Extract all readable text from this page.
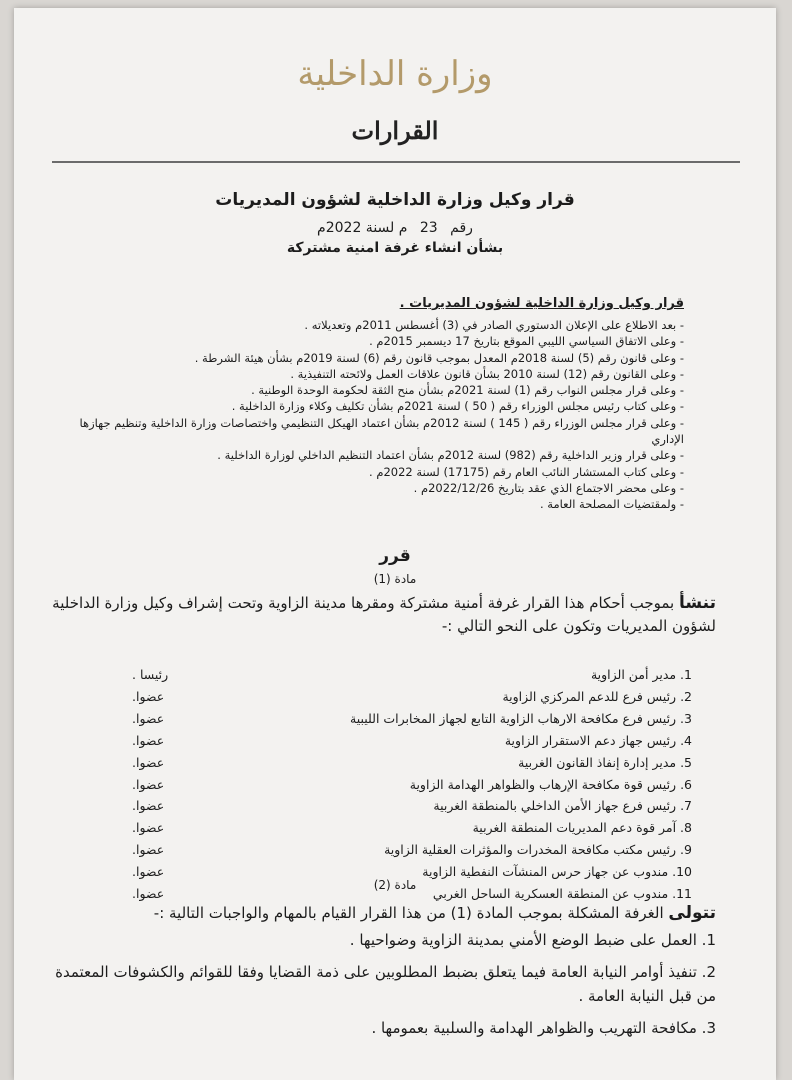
وزارة الداخلية
القرارات
قرار وكيل وزارة الداخلية لشؤون المديريات
رقم 23 م لسنة 2022م
بشأن انشاء غرفة امنية مشتركة
قرار وكيل وزارة الداخلية لشؤون المديريات .
- بعد الاطلاع على الإعلان الدستوري الصادر في (3) أغسطس 2011م وتعديلاته .
- وعلى الاتفاق السياسي الليبي الموقع بتاريخ 17 ديسمبر 2015م .
- وعلى قانون رقم (5) لسنة 2018م المعدل بموجب قانون رقم (6) لسنة 2019م بشأن هيئة الشرطة .
- وعلى القانون رقم (12) لسنة 2010 بشأن قانون علاقات العمل ولائحته التنفيذية .
- وعلى قرار مجلس النواب رقم (1) لسنة 2021م بشأن منح الثقة لحكومة الوحدة الوطنية .
- وعلى كتاب رئيس مجلس الوزراء رقم ( 50 ) لسنة 2021م بشأن تكليف وكلاء وزارة الداخلية .
- وعلى قرار مجلس الوزراء رقم ( 145 ) لسنة 2012م بشأن اعتماد الهيكل التنظيمي واختصاصات وزارة الداخلية وتنظيم جهازها الإداري
- وعلى قرار وزير الداخلية رقم (982) لسنة 2012م بشأن اعتماد التنظيم الداخلي لوزارة الداخلية .
- وعلى كتاب المستشار النائب العام رقم (17175) لسنة 2022م .
- وعلى محضر الاجتماع الذي عقد بتاريخ 2022/12/26م .
- ولمقتضيات المصلحة العامة .
قرر
مادة (1)

تنشأ بموجب أحكام هذا القرار غرفة أمنية مشتركة ومقرها مدينة الزاوية وتحت إشراف وكيل وزارة الداخلية لشؤون المديريات وتكون على النحو التالي :-

1. مدير أمن الزاوية
رئيسا .
2. رئيس فرع للدعم المركزي الزاوية
عضوا.
3. رئيس فرع مكافحة الارهاب الزاوية التابع لجهاز المخابرات الليبية
عضوا.
4. رئيس جهاز دعم الاستقرار الزاوية
عضوا.
5. مدير إدارة إنفاذ القانون الغربية
عضوا.
6. رئيس قوة مكافحة الإرهاب والظواهر الهدامة الزاوية
عضوا.
7. رئيس فرع جهاز الأمن الداخلي بالمنطقة الغربية
عضوا.
8. آمر قوة دعم المديريات المنطقة الغربية
عضوا.
9. رئيس مكتب مكافحة المخدرات والمؤثرات العقلية الزاوية
عضوا.
10. مندوب عن جهاز حرس المنشآت النفطية الزاوية
عضوا.
11. مندوب عن المنطقة العسكرية الساحل الغربي
عضوا.
مادة (2)

تتولى الغرفة المشكلة بموجب المادة (1) من هذا القرار القيام بالمهام والواجبات التالية :-

1. العمل على ضبط الوضع الأمني بمدينة الزاوية وضواحيها .
2. تنفيذ أوامر النيابة العامة فيما يتعلق بضبط المطلوبين على ذمة القضايا وفقا للقوائم والكشوفات المعتمدة من قبل النيابة العامة .
3. مكافحة التهريب والظواهر الهدامة والسلبية بعمومها .
